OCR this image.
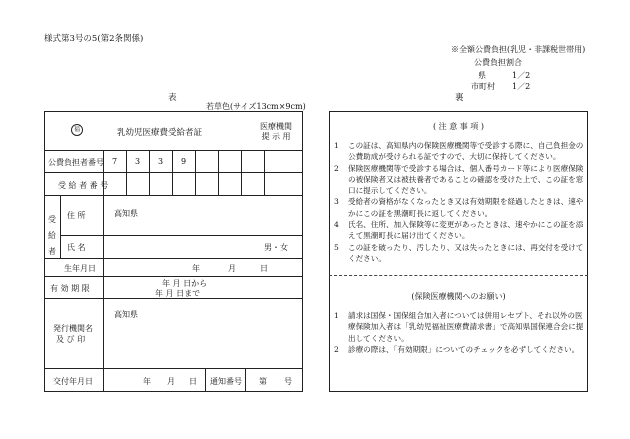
様式第3号の5(第2条関係)
※全額公費負担(乳児・非課税世帯用)
公費負担割合
県	1／2
市町村 1／2
表	裏
若草色(サイズ13cm×9cm)
福	乳幼児医療費受給者証
医療機関
提 示 用
公費負担者番号 7	3	3	9
受 給 者 番 号
受給者
住 所	高知県
氏 名	男・女
生年月日	年	月	日
有 効 期 限
年 月 日から
年 月 日まで
発行機関名
及 び 印
高知県
交付年月日	年 月 日 通知番号 第 号
( 注 意 事 項 )
1	この証は、高知県内の保険医療機関等で受診する際に、自己負担金の公費助成が受けられる証ですので、大切に保持してください。
2	保険医療機関等で受診する場合は、個人番号カード等により医療保険の被保険者又は被扶養者であることの確認を受けた上で、この証を窓口に提示してください。
3	受給者の資格がなくなったとき又は有効期限を経過したときは、速やかにこの証を黒潮町長に返してください。
4	氏名、住所、加入保険等に変更があったときは、速やかにこの証を添えて黒潮町長に届け出てください。
5	この証を破ったり、汚したり、又は失ったときには、再交付を受けてください。
(保険医療機関へのお願い)
1	請求は国保・国保組合加入者については併用レセプト、それ以外の医療保険加入者は「乳幼児福祉医療費請求書」で高知県国保連合会に提出してください。
2	診療の際は、「有効期限」についてのチェックを必ずしてください。
